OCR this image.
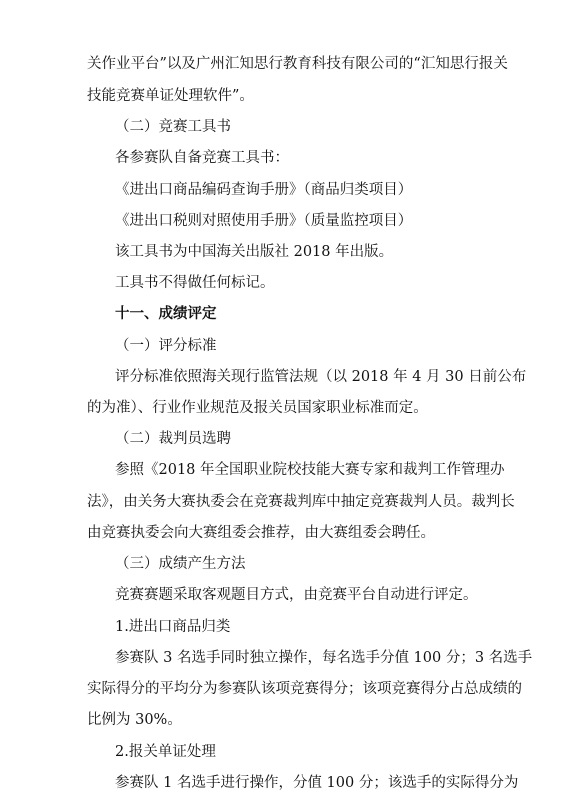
关作业平台”以及广州汇知思行教育科技有限公司的“汇知思行报关
技能竞赛单证处理软件”。
（二）竞赛工具书
各参赛队自备竞赛工具书：
《进出口商品编码查询手册》（商品归类项目）
《进出口税则对照使用手册》（质量监控项目）
该工具书为中国海关出版社 2018 年出版。
工具书不得做任何标记。
十一、成绩评定
（一）评分标准
评分标准依照海关现行监管法规（以 2018 年 4 月 30 日前公布
的为准）、行业作业规范及报关员国家职业标准而定。
（二）裁判员选聘
参照《2018 年全国职业院校技能大赛专家和裁判工作管理办
法》，由关务大赛执委会在竞赛裁判库中抽定竞赛裁判人员。裁判长
由竞赛执委会向大赛组委会推荐，由大赛组委会聘任。
（三）成绩产生方法
竞赛赛题采取客观题目方式，由竞赛平台自动进行评定。
1.进出口商品归类
参赛队 3 名选手同时独立操作，每名选手分值 100 分；3 名选手
实际得分的平均分为参赛队该项竞赛得分；该项竞赛得分占总成绩的
比例为 30%。
2.报关单证处理
参赛队 1 名选手进行操作，分值 100 分；该选手的实际得分为
